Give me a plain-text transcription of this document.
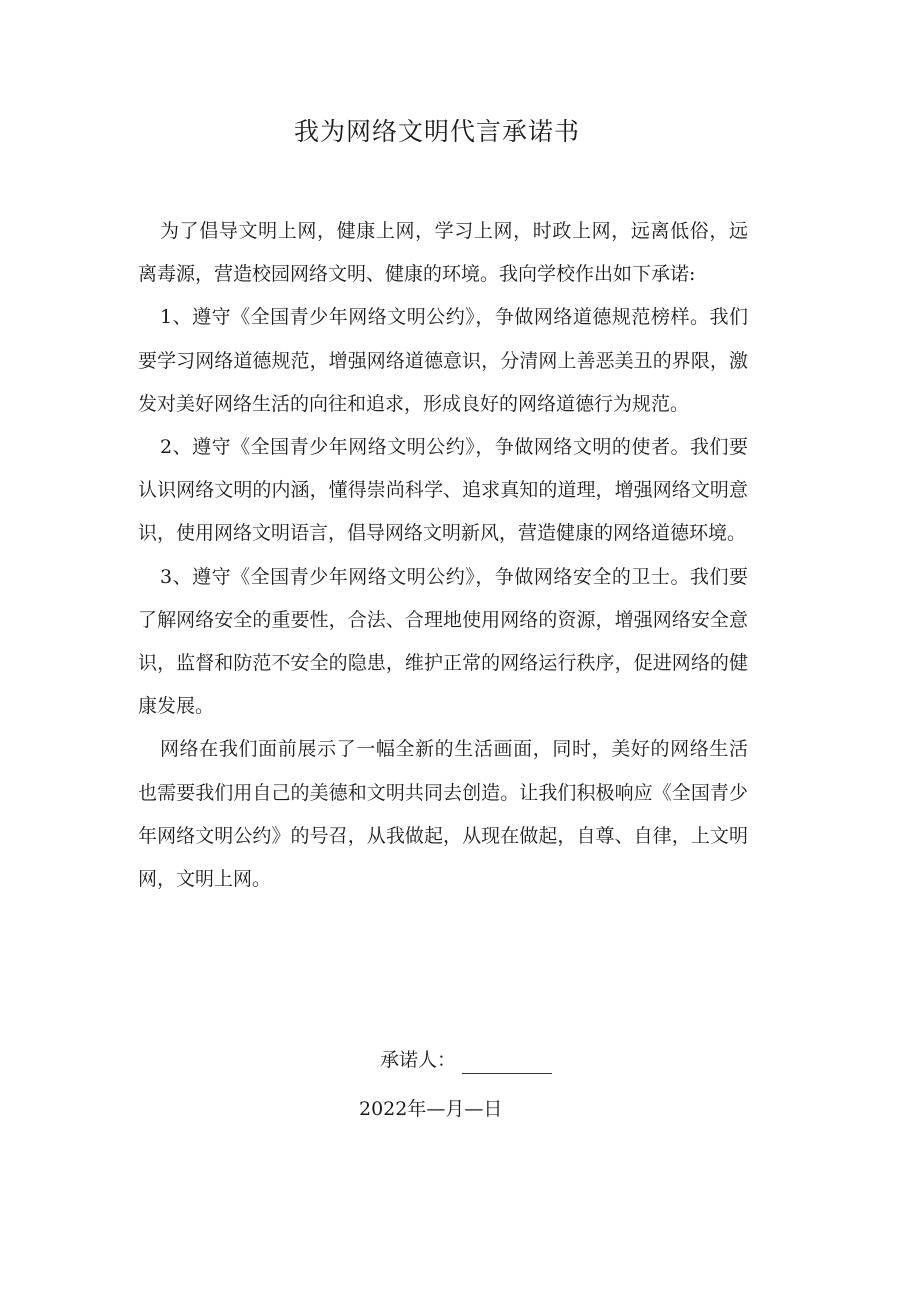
我为网络文明代言承诺书

为了倡导文明上网，健康上网，学习上网，时政上网，远离低俗，远离毒源，营造校园网络文明、健康的环境。我向学校作出如下承诺:

1、遵守《全国青少年网络文明公约》，争做网络道德规范榜样。我们要学习网络道德规范，增强网络道德意识，分清网上善恶美丑的界限，激发对美好网络生活的向往和追求，形成良好的网络道德行为规范。

2、遵守《全国青少年网络文明公约》，争做网络文明的使者。我们要认识网络文明的内涵，懂得崇尚科学、追求真知的道理，增强网络文明意识，使用网络文明语言，倡导网络文明新风，营造健康的网络道德环境。

3、遵守《全国青少年网络文明公约》，争做网络安全的卫士。我们要了解网络安全的重要性，合法、合理地使用网络的资源，增强网络安全意识，监督和防范不安全的隐患，维护正常的网络运行秩序，促进网络的健康发展。

网络在我们面前展示了一幅全新的生活画面，同时，美好的网络生活也需要我们用自己的美德和文明共同去创造。让我们积极响应《全国青少年网络文明公约》的号召，从我做起，从现在做起，自尊、自律，上文明网，文明上网。

承诺人：
2022年—月—日
